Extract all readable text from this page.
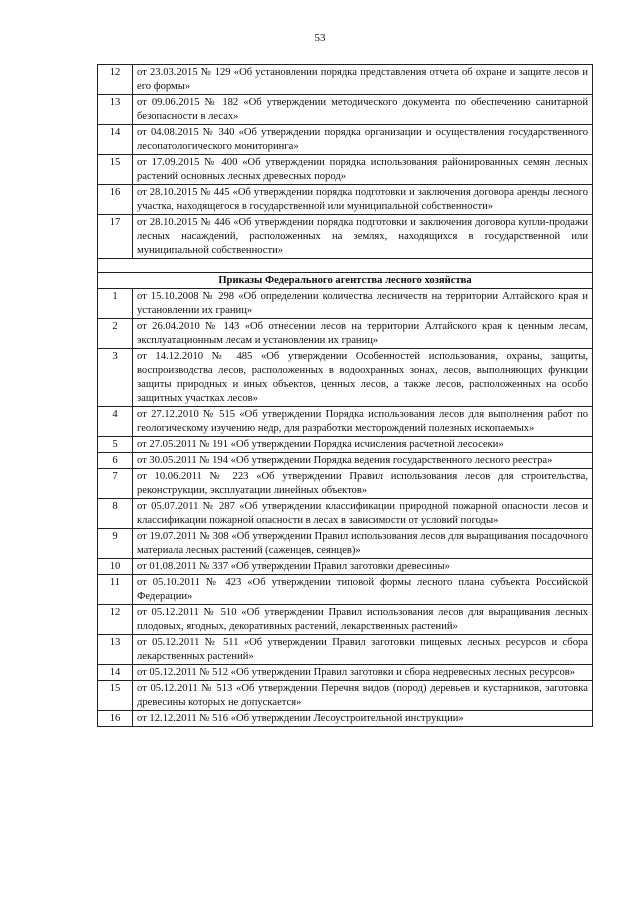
53
12	от 23.03.2015 № 129 «Об установлении порядка представления отчета об охране и защите лесов и его формы»
13	от 09.06.2015 № 182 «Об утверждении методического документа по обеспечению санитарной безопасности в лесах»
14	от 04.08.2015 № 340 «Об утверждении порядка организации и осуществления государственного лесопатологического мониторинга»
15	от 17.09.2015 № 400 «Об утверждении порядка использования районированных семян лесных растений основных лесных древесных пород»
16	от 28.10.2015 № 445 «Об утверждении порядка подготовки и заключения договора аренды лесного участка, находящегося в государственной или муниципальной собственности»
17	от 28.10.2015 № 446 «Об утверждении порядка подготовки и заключения договора купли-продажи лесных насаждений, расположенных на землях, находящихся в государственной или муниципальной собственности»

Приказы Федерального агентства лесного хозяйства	
1	от 15.10.2008 № 298 «Об определении количества лесничеств на территории Алтайского края и установлении их границ»
2	от 26.04.2010 № 143 «Об отнесении лесов на территории Алтайского края к ценным лесам, эксплуатационным лесам и установлении их границ»
3	от 14.12.2010 № 485 «Об утверждении Особенностей использования, охраны, защиты, воспроизводства лесов, расположенных в водоохранных зонах, лесов, выполняющих функции защиты природных и иных объектов, ценных лесов, а также лесов, расположенных на особо защитных участках лесов»
4	от 27.12.2010 № 515 «Об утверждении Порядка использования лесов для выполнения работ по геологическому изучению недр, для разработки месторождений полезных ископаемых»
5	от 27.05.2011 № 191 «Об утверждении Порядка исчисления расчетной лесосеки»
6	от 30.05.2011 № 194 «Об утверждении Порядка ведения государственного лесного реестра»
7	от 10.06.2011 № 223 «Об утверждении Правил использования лесов для строительства, реконструкции, эксплуатации линейных объектов»
8	от 05.07.2011 № 287 «Об утверждении классификации природной пожарной опасности лесов и классификации пожарной опасности в лесах в зависимости от условий погоды»
9	от 19.07.2011 № 308 «Об утверждении Правил использования лесов для выращивания посадочного материала лесных растений (саженцев, сеянцев)»
10	от 01.08.2011 № 337 «Об утверждении Правил заготовки древесины»
11	от 05.10.2011 № 423 «Об утверждении типовой формы лесного плана субъекта Российской Федерации»
12	от 05.12.2011 № 510 «Об утверждении Правил использования лесов для выращивания лесных плодовых, ягодных, декоративных растений, лекарственных растений»
13	от 05.12.2011 № 511 «Об утверждении Правил заготовки пищевых лесных ресурсов и сбора лекарственных растений»
14	от 05.12.2011 № 512 «Об утверждении Правил заготовки и сбора недревесных лесных ресурсов»
15	от 05.12.2011 № 513 «Об утверждении Перечня видов (пород) деревьев и кустарников, заготовка древесины которых не допускается»
16	от 12.12.2011 № 516 «Об утверждении Лесоустроительной инструкции»
